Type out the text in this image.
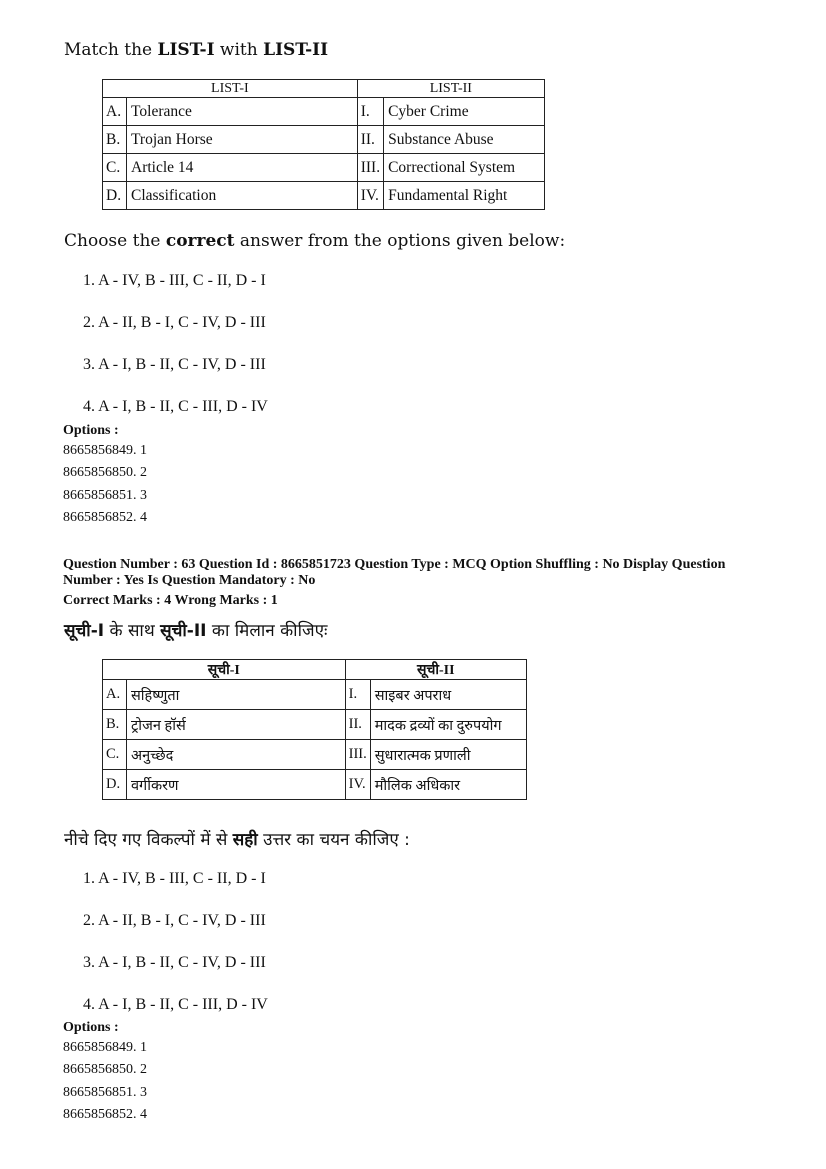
Match the LIST-I with LIST-II
LIST-I		LIST-II	
A.	Tolerance	I.	Cyber Crime
B.	Trojan Horse	II.	Substance Abuse
C.	Article 14	III.	Correctional System
D.	Classification	IV.	Fundamental Right
Choose the correct answer from the options given below:
1. A - IV, B - III, C - II, D - I
2. A - II, B - I, C - IV, D - III
3. A - I, B - II, C - IV, D - III
4. A - I, B - II, C - III, D - IV
Options :
8665856849. 1
8665856850. 2
8665856851. 3
8665856852. 4
Question Number : 63 Question Id : 8665851723 Question Type : MCQ Option Shuffling : No Display Question
Number : Yes Is Question Mandatory : No
Correct Marks : 4 Wrong Marks : 1
सूची-I के साथ सूची-II का मिलान कीजिएः
सूची-I		सूची-II	
A.	सहिष्णुता	I.	साइबर अपराध
B.	ट्रोजन हॉर्स	II.	मादक द्रव्यों का दुरुपयोग
C.	अनुच्छेद	III.	सुधारात्मक प्रणाली
D.	वर्गीकरण	IV.	मौलिक अधिकार
नीचे दिए गए विकल्पों में से सही उत्तर का चयन कीजिए :
1. A - IV, B - III, C - II, D - I
2. A - II, B - I, C - IV, D - III
3. A - I, B - II, C - IV, D - III
4. A - I, B - II, C - III, D - IV
Options :
8665856849. 1
8665856850. 2
8665856851. 3
8665856852. 4
